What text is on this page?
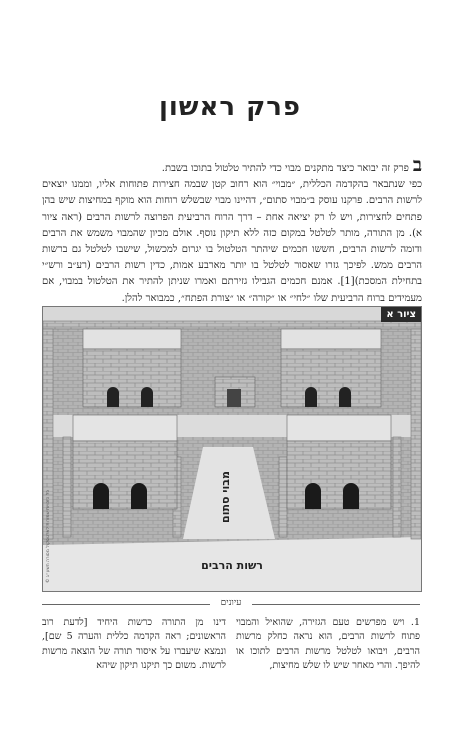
פרק ראשון

בפרק זה יבואר כיצד מתקנים מבוי כדי להתיר טלטול בתוכו בשבת.

כפי שנתבאר בהקדמה הכללית, ״מבוי״ הוא רחוב קטן שבמה חצירות פתוחות אליו, וממנו יוצאים לרשות הרבים. פרקנו עוסק ב״מבוי סתום״, דהיינו מבוי שבשלש רוחות הוא מוקף במחיצות שיש בהן פתחים לחצירות, ויש לו רק יציאה אחת – דרך הרוח הרביעית הפרוצה לרשות הרבים (ראה ציור א). מן התורה, מותר לטלטל במקום כזה ללא תיקון נוסף. אולם מכיון שהמבוי משמש את הרבים ודומה לרשות הרבים, חששו חכמים שיהתר הטלטול בו יגרום למכשול, שישבו לטלטל גם ברשות הרבים ממש. לפיכך גזרו שאסור לטלטל בו יותר מארבע אמות, כדין רשות הרבים (רע״ב ורש״י בתחילת המסכת)[1]. אמנם חכמים הגבילו גזירתם ואמרו שניתן להתיר את הטלטול במבוי, אם מעמידים ברוח הרביעית שלו ״לחי״ או ״קורה״ או ״צורת הפתח״, כמבואר להלן.

מבוי סתום
רשות הרבים
© כל הזכויות שמורות לארטסקול מסורה תשע״ג
ציור א
עיונים
1. ויש מפרשים טעם הגזירה, שהואיל והמבוי פתוח לרשות הרבים, הוא נראה כחלק מרשות הרבים, ויבואו לטלטל מרשות הרבים לתוכו או להיפך. והרי מאחר שיש לו שלש מחיצות,
דינו מן התורה כרשות היחיד [לדעת רוב הראשונים; ראה הקדמה כללית והערה 5 שם], ונמצא שיעברו על איסור תורה של הוצאה מרשות לרשות. משום כך תיקנו תיקון שיהא
